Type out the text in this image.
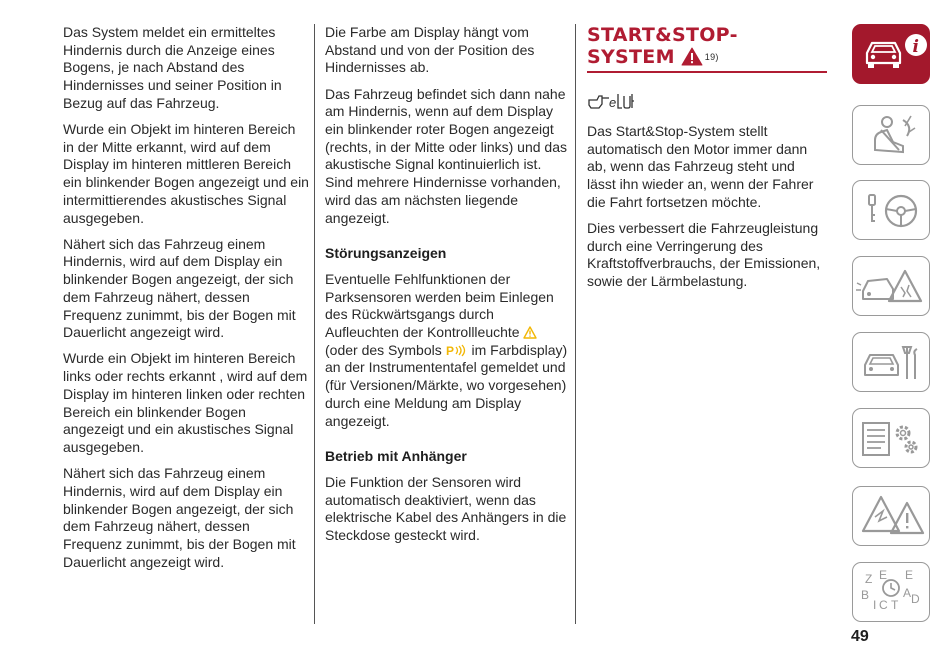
Das System meldet ein ermitteltes Hindernis durch die Anzeige eines Bogens, je nach Abstand des Hindernisses und seiner Position in Bezug auf das Fahrzeug.

Wurde ein Objekt im hinteren Bereich in der Mitte erkannt, wird auf dem Display im hinteren mittleren Bereich ein blinkender Bogen angezeigt und ein intermittierendes akustisches Signal ausgegeben.

Nähert sich das Fahrzeug einem Hindernis, wird auf dem Display ein blinkender Bogen angezeigt, der sich dem Fahrzeug nähert, dessen Frequenz zunimmt, bis der Bogen mit Dauerlicht angezeigt wird.

Wurde ein Objekt im hinteren Bereich links oder rechts erkannt , wird auf dem Display im hinteren linken oder rechten Bereich ein blinkender Bogen angezeigt und ein akustisches Signal ausgegeben.

Nähert sich das Fahrzeug einem Hindernis, wird auf dem Display ein blinkender Bogen angezeigt, der sich dem Fahrzeug nähert, dessen Frequenz zunimmt, bis der Bogen mit Dauerlicht angezeigt wird.

Die Farbe am Display hängt vom Abstand und von der Position des Hindernisses ab.

Das Fahrzeug befindet sich dann nahe am Hindernis, wenn auf dem Display ein blinkender roter Bogen angezeigt (rechts, in der Mitte oder links) und das akustische Signal kontinuierlich ist. Sind mehrere Hindernisse vorhanden, wird das am nächsten liegende angezeigt.

Störungsanzeigen

Eventuelle Fehlfunktionen der Parksensoren werden beim Einlegen des Rückwärtsgangs durch Aufleuchten der Kontrollleuchte  (oder des Symbols P im Farbdisplay) an der Instrumententafel gemeldet und (für Versionen/Märkte, wo vorgesehen) durch eine Meldung am Display angezeigt.

Betrieb mit Anhänger

Die Funktion der Sensoren wird automatisch deaktiviert, wenn das elektrische Kabel des Anhängers in die Steckdose gesteckt wird.

START&STOP-
SYSTEM	19)
e

Das Start&Stop-System stellt automatisch den Motor immer dann ab, wenn das Fahrzeug steht und lässt ihn wieder an, wenn der Fahrer die Fahrt fortsetzen möchte.

Dies verbessert die Fahrzeugleistung durch eine Verringerung des Kraftstoffverbrauchs, der Emissionen, sowie der Lärmbelastung.

i
Z E E
B
I C T D
A
49
